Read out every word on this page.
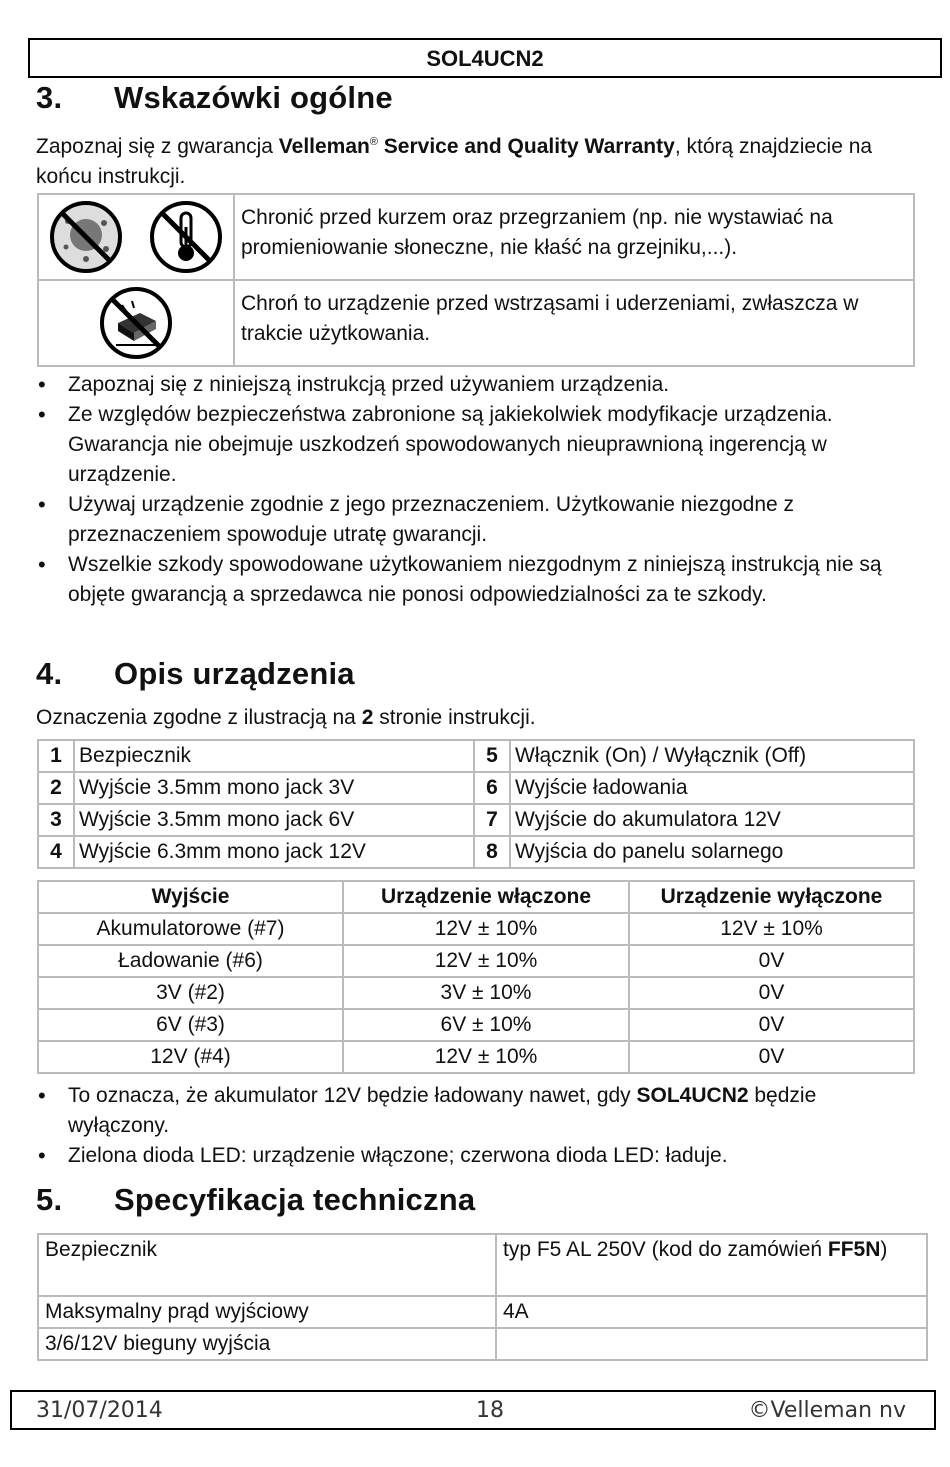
SOL4UCN2
3. Wskazówki ogólne

Zapoznaj się z gwarancja Velleman® Service and Quality Warranty, którą znajdziecie na końcu instrukcji.

	Chronić przed kurzem oraz przegrzaniem (np. nie wystawiać na promieniowanie słoneczne, nie kłaść na grzejniku,...).
	Chroń to urządzenie przed wstrząsami i uderzeniami, zwłaszcza w trakcie użytkowania.
• Zapoznaj się z niniejszą instrukcją przed używaniem urządzenia.
• Ze względów bezpieczeństwa zabronione są jakiekolwiek modyfikacje urządzenia. Gwarancja nie obejmuje uszkodzeń spowodowanych nieuprawnioną ingerencją w urządzenie.
• Używaj urządzenie zgodnie z jego przeznaczeniem. Użytkowanie niezgodne z przeznaczeniem spowoduje utratę gwarancji.
• Wszelkie szkody spowodowane użytkowaniem niezgodnym z niniejszą instrukcją nie są objęte gwarancją a sprzedawca nie ponosi odpowiedzialności za te szkody.
4. Opis urządzenia

Oznaczenia zgodne z ilustracją na 2 stronie instrukcji.

1	Bezpiecznik	5	Włącznik (On) / Wyłącznik (Off)
2	Wyjście 3.5mm mono jack 3V	6	Wyjście ładowania
3	Wyjście 3.5mm mono jack 6V	7	Wyjście do akumulatora 12V
4	Wyjście 6.3mm mono jack 12V	8	Wyjścia do panelu solarnego
Wyjście	Urządzenie włączone	Urządzenie wyłączone
Akumulatorowe (#7)	12V ± 10%	12V ± 10%
Ładowanie (#6)	12V ± 10%	0V
3V (#2)	3V ± 10%	0V
6V (#3)	6V ± 10%	0V
12V (#4)	12V ± 10%	0V
• To oznacza, że akumulator 12V będzie ładowany nawet, gdy SOL4UCN2 będzie wyłączony.
• Zielona dioda LED: urządzenie włączone; czerwona dioda LED: ładuje.
5. Specyfikacja techniczna
Bezpiecznik	typ F5 AL 250V (kod do zamówień FF5N)
Maksymalny prąd wyjściowy	4A
3/6/12V bieguny wyjścia	
31/07/2014	18	©Velleman nv
